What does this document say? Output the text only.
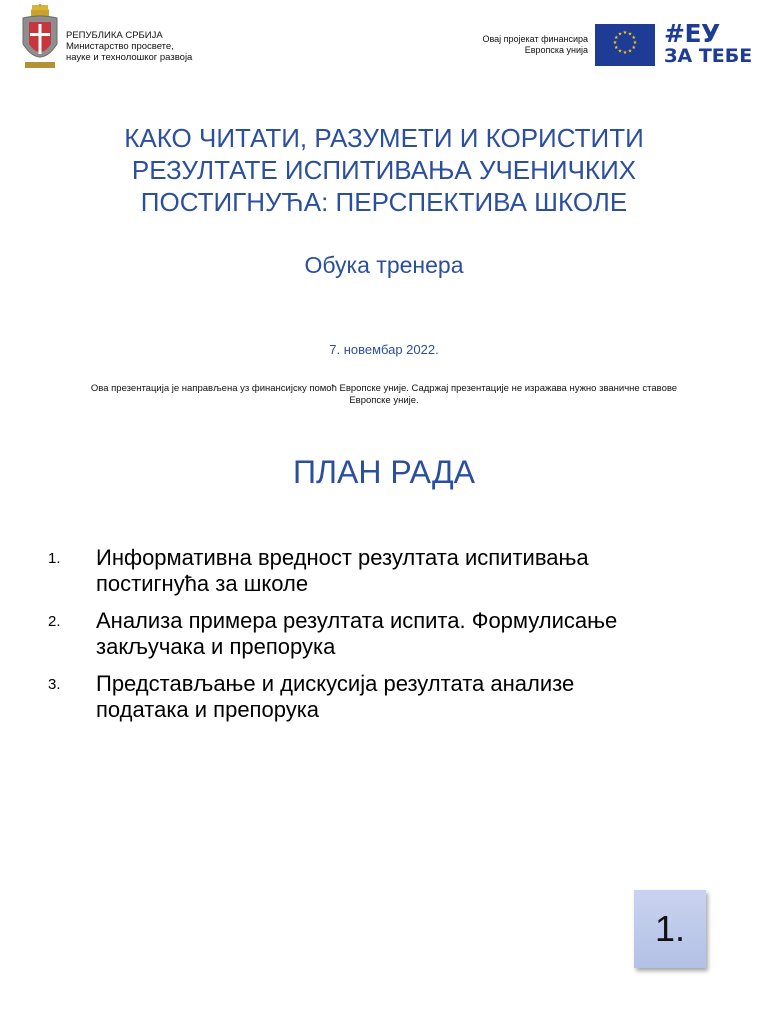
РЕПУБЛИКА СРБИЈА
Министарство просвете,
науке и технолошког развоја
Овај пројекат финансира
Европска унија
★ ★
★
★
★
★
★
★
★
★
★
★ #ЕУ
ЗА ТЕБЕ
КАКО ЧИТАТИ, РАЗУМЕТИ И КОРИСТИТИ
РЕЗУЛТАТЕ ИСПИТИВАЊА УЧЕНИЧКИХ
ПОСТИГНУЋА: ПЕРСПЕКТИВА ШКОЛЕ
Обука тренера
7. новембар 2022.
Ова презентација је направљена уз финансијску помоћ Европске уније. Садржај презентације не изражава нужно званичне ставове
Европске уније.
ПЛАН РАДА
1.	Информативна вредност резултата испитивања
постигнућа за школе
2.	Анализа примера резултата испита. Формулисање
закључака и препорука
3.	Представљање и дискусија резултата анализе
података и препорука
1.
